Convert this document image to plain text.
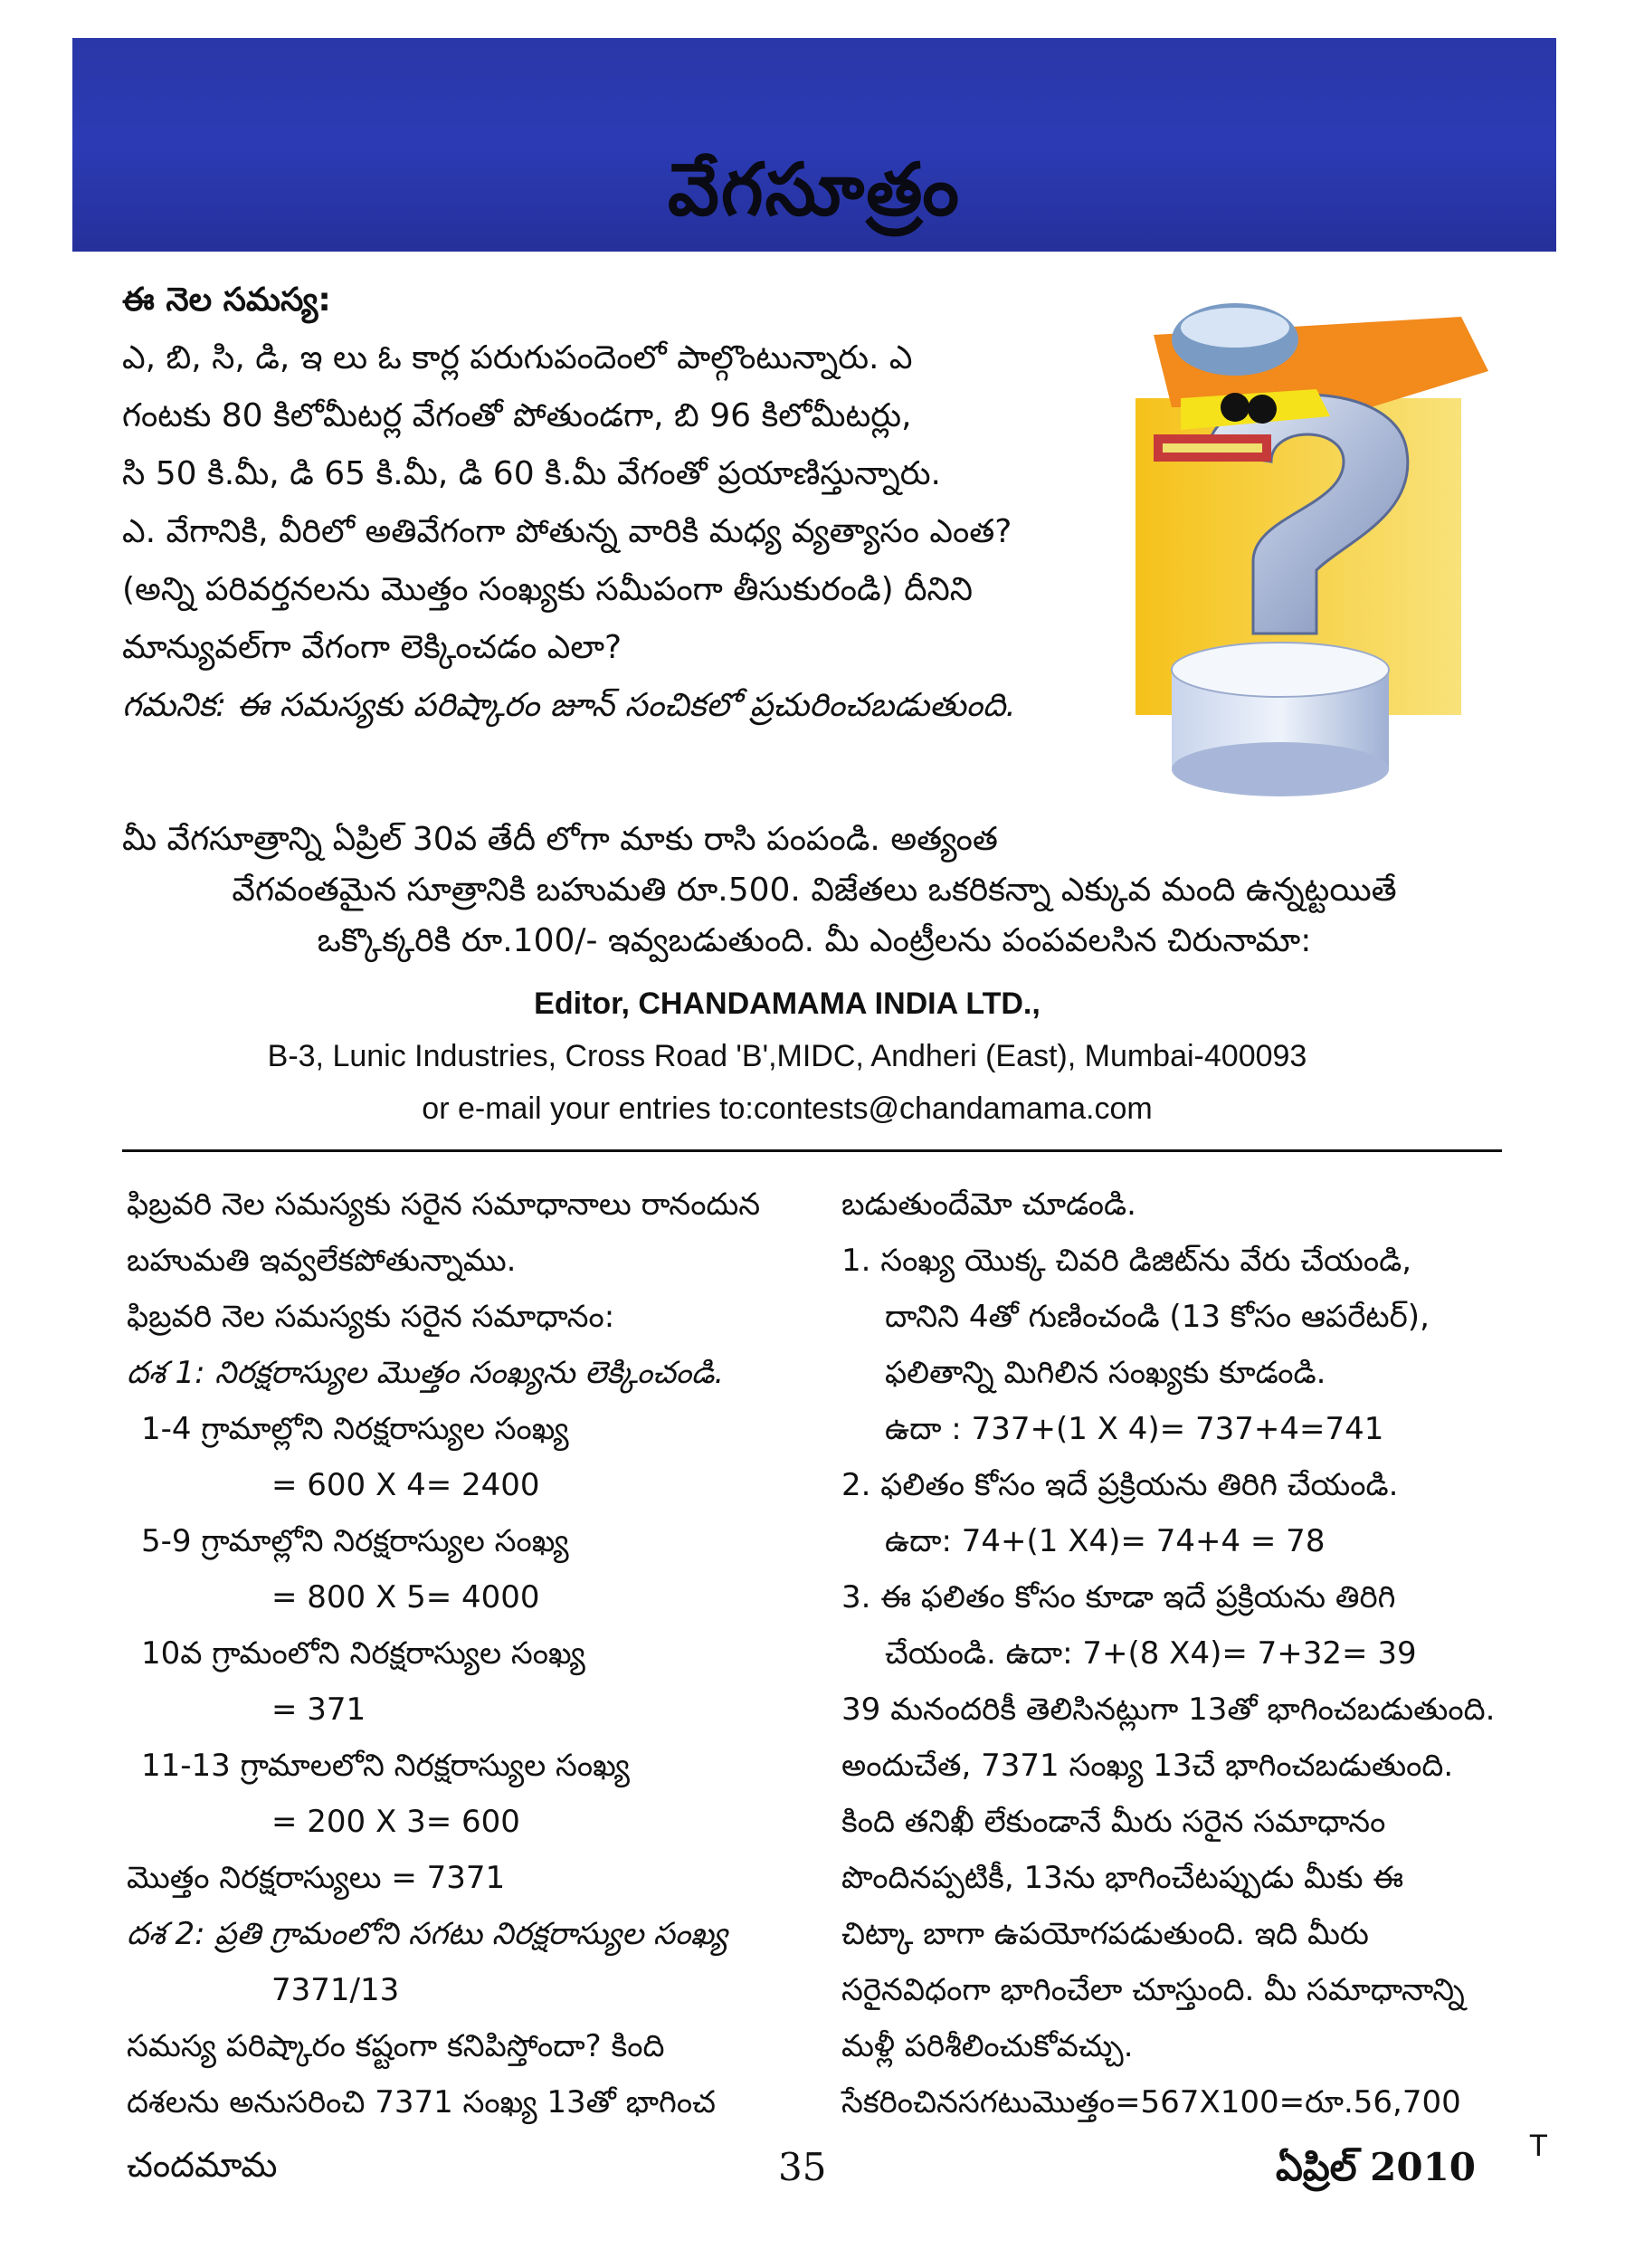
వేగసూత్రం

ఈ నెల సమస్య:

ఎ, బి, సి, డి, ఇ లు ఓ కార్ల పరుగుపందెంలో పాల్గొంటున్నారు. ఎ

గంటకు 80 కిలోమీటర్ల వేగంతో పోతుండగా, బి 96 కిలోమీటర్లు,

సి 50 కి.మీ, డి 65 కి.మీ, డి 60 కి.మీ వేగంతో ప్రయాణిస్తున్నారు.

ఎ. వేగానికి, వీరిలో అతివేగంగా పోతున్న వారికి మధ్య వ్యత్యాసం ఎంత?

(అన్ని పరివర్తనలను మొత్తం సంఖ్యకు సమీపంగా తీసుకురండి) దీనిని

మాన్యువల్‌గా వేగంగా లెక్కించడం ఎలా?

గమనిక: ఈ సమస్యకు పరిష్కారం జూన్ సంచికలో ప్రచురించబడుతుంది.

మీ వేగసూత్రాన్ని ఏప్రిల్ 30వ తేదీ లోగా మాకు రాసి పంపండి. అత్యంత
వేగవంతమైన సూత్రానికి బహుమతి రూ.500. విజేతలు ఒకరికన్నా ఎక్కువ మంది ఉన్నట్టయితే
ఒక్కొక్కరికి రూ.100/- ఇవ్వబడుతుంది. మీ ఎంట్రీలను పంపవలసిన చిరునామా:
Editor, CHANDAMAMA INDIA LTD.,
B-3, Lunic Industries, Cross Road 'B',MIDC, Andheri (East), Mumbai-400093
or e-mail your entries to:contests@chandamama.com

ఫిబ్రవరి నెల సమస్యకు సరైన సమాధానాలు రానందున

బహుమతి ఇవ్వలేకపోతున్నాము.

ఫిబ్రవరి నెల సమస్యకు సరైన సమాధానం:

దశ 1: నిరక్షరాస్యుల మొత్తం సంఖ్యను లెక్కించండి.

1-4 గ్రామాల్లోని నిరక్షరాస్యుల సంఖ్య

= 600 X 4= 2400

5-9 గ్రామాల్లోని నిరక్షరాస్యుల సంఖ్య

= 800 X 5= 4000

10వ గ్రామంలోని నిరక్షరాస్యుల సంఖ్య

= 371

11-13 గ్రామాలలోని నిరక్షరాస్యుల సంఖ్య

= 200 X 3= 600

మొత్తం నిరక్షరాస్యులు = 7371

దశ 2: ప్రతి గ్రామంలోని సగటు నిరక్షరాస్యుల సంఖ్య

7371/13

సమస్య పరిష్కారం కష్టంగా కనిపిస్తోందా? కింది

దశలను అనుసరించి 7371 సంఖ్య 13తో భాగించ

బడుతుందేమో చూడండి.

1. సంఖ్య యొక్క చివరి డిజిట్‌ను వేరు చేయండి,

దానిని 4తో గుణించండి (13 కోసం ఆపరేటర్),

ఫలితాన్ని మిగిలిన సంఖ్యకు కూడండి.

ఉదా : 737+(1 X 4)= 737+4=741

2. ఫలితం కోసం ఇదే ప్రక్రియను తిరిగి చేయండి.

ఉదా: 74+(1 X4)= 74+4 = 78

3. ఈ ఫలితం కోసం కూడా ఇదే ప్రక్రియను తిరిగి

చేయండి. ఉదా: 7+(8 X4)= 7+32= 39

39 మనందరికీ తెలిసినట్లుగా 13తో భాగించబడుతుంది.

అందుచేత, 7371 సంఖ్య 13చే భాగించబడుతుంది.

కింది తనిఖీ లేకుండానే మీరు సరైన సమాధానం

పొందినప్పటికీ, 13ను భాగించేటప్పుడు మీకు ఈ

చిట్కా బాగా ఉపయోగపడుతుంది. ఇది మీరు

సరైనవిధంగా భాగించేలా చూస్తుంది. మీ సమాధానాన్ని

మళ్లీ పరిశీలించుకోవచ్చు.

సేకరించినసగటుమొత్తం=567X100=రూ.56,700

చందమామ	35	ఏప్రిల్ 2010 T
